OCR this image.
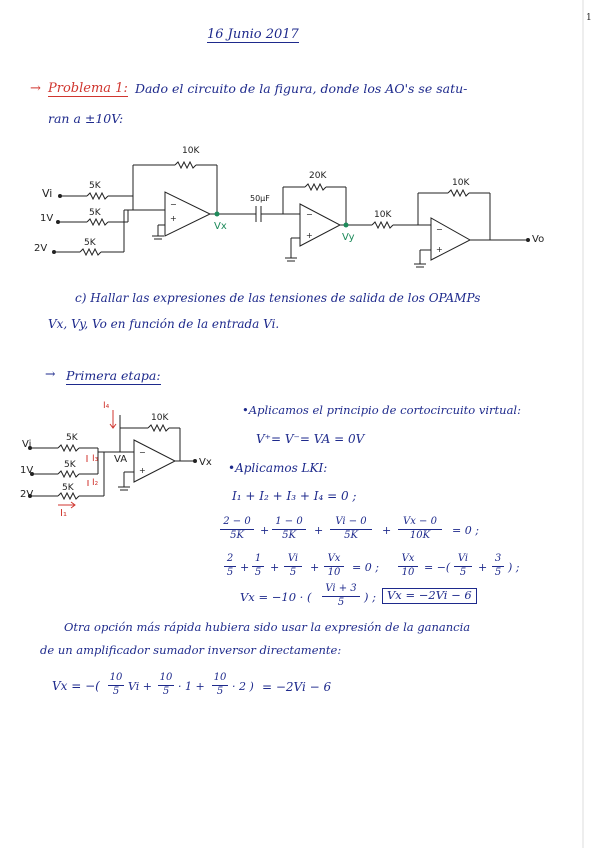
1
16 Junio 2017
→ Problema 1: Dado el circuito de la figura, donde los AO's se satu-
ran a ±10V:
+
−
+
−
+
−
10K
5K
5K
5K
Vi
1V
2V
Vx
50µF
20K
Vy
10K
10K
Vo
c) Hallar las expresiones de las tensiones de salida de los OPAMPs
Vx, Vy, Vo en función de la entrada Vi.
→ Primera etapa:
+
−
I₄
10K
VA	Vx
Vi
1V
2V
5K
5K
5K
I₃
I₂
I₁
•Aplicamos el principio de cortocircuito virtual:
V⁺= V⁻= VA = 0V
•Aplicamos LKI:
I₁ + I₂ + I₃ + I₄ = 0 ;
2 − 0
5K +
1 − 0
5K +
Vi − 0
5K +
Vx − 0
10K = 0 ;
2
5 +
1
5 +
Vi
5 +
Vx
10 = 0 ;
Vx
10 = −(
Vi
5 +
3
5 ) ;
Vx = −10 · (
Vi + 3
5 ) ; Vx = −2Vi − 6
Otra opción más rápida hubiera sido usar la expresión de la ganancia
de un amplificador sumador inversor directamente:
Vx = −(
10
5 Vi +
10
5 · 1 +
10
5 · 2 ) = −2Vi − 6
